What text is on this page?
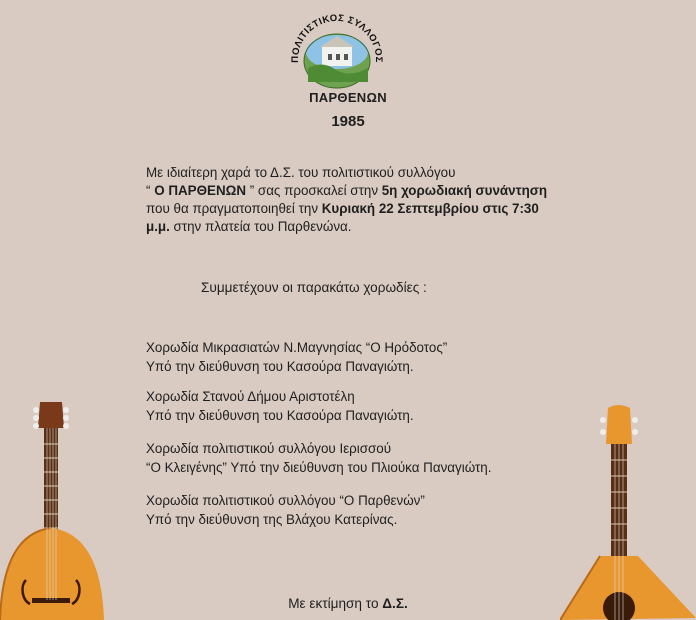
ΠΟΛΙΤΙΣΤΙΚΟΣ ΣΥΛΛΟΓΟΣ
ΠΑΡΘΕΝΩΝ
1985
Με ιδιαίτερη χαρά το Δ.Σ. του πολιτιστικού συλλόγου
“ Ο ΠΑΡΘΕΝΩΝ ” σας προσκαλεί στην 5η χορωδιακή συνάντηση που θα πραγματοποιηθεί την Κυριακή 22 Σεπτεμβρίου στις 7:30 μ.μ. στην πλατεία του Παρθενώνα.
Συμμετέχουν οι παρακάτω χορωδίες :
Χορωδία Μικρασιατών Ν.Μαγνησίας “Ο Ηρόδοτος”
Υπό την διεύθυνση του Κασούρα Παναγιώτη.
Χορωδία Στανού Δήμου Αριστοτέλη
Υπό την διεύθυνση του Κασούρα Παναγιώτη.
Χορωδία πολιτιστικού συλλόγου Ιερισσού
“Ο Κλειγένης” Υπό την διεύθυνση του Πλιούκα Παναγιώτη.
Χορωδία πολιτιστικού συλλόγου “Ο Παρθενών”
Υπό την διεύθυνση της Βλάχου Κατερίνας.
Με εκτίμηση το Δ.Σ.
